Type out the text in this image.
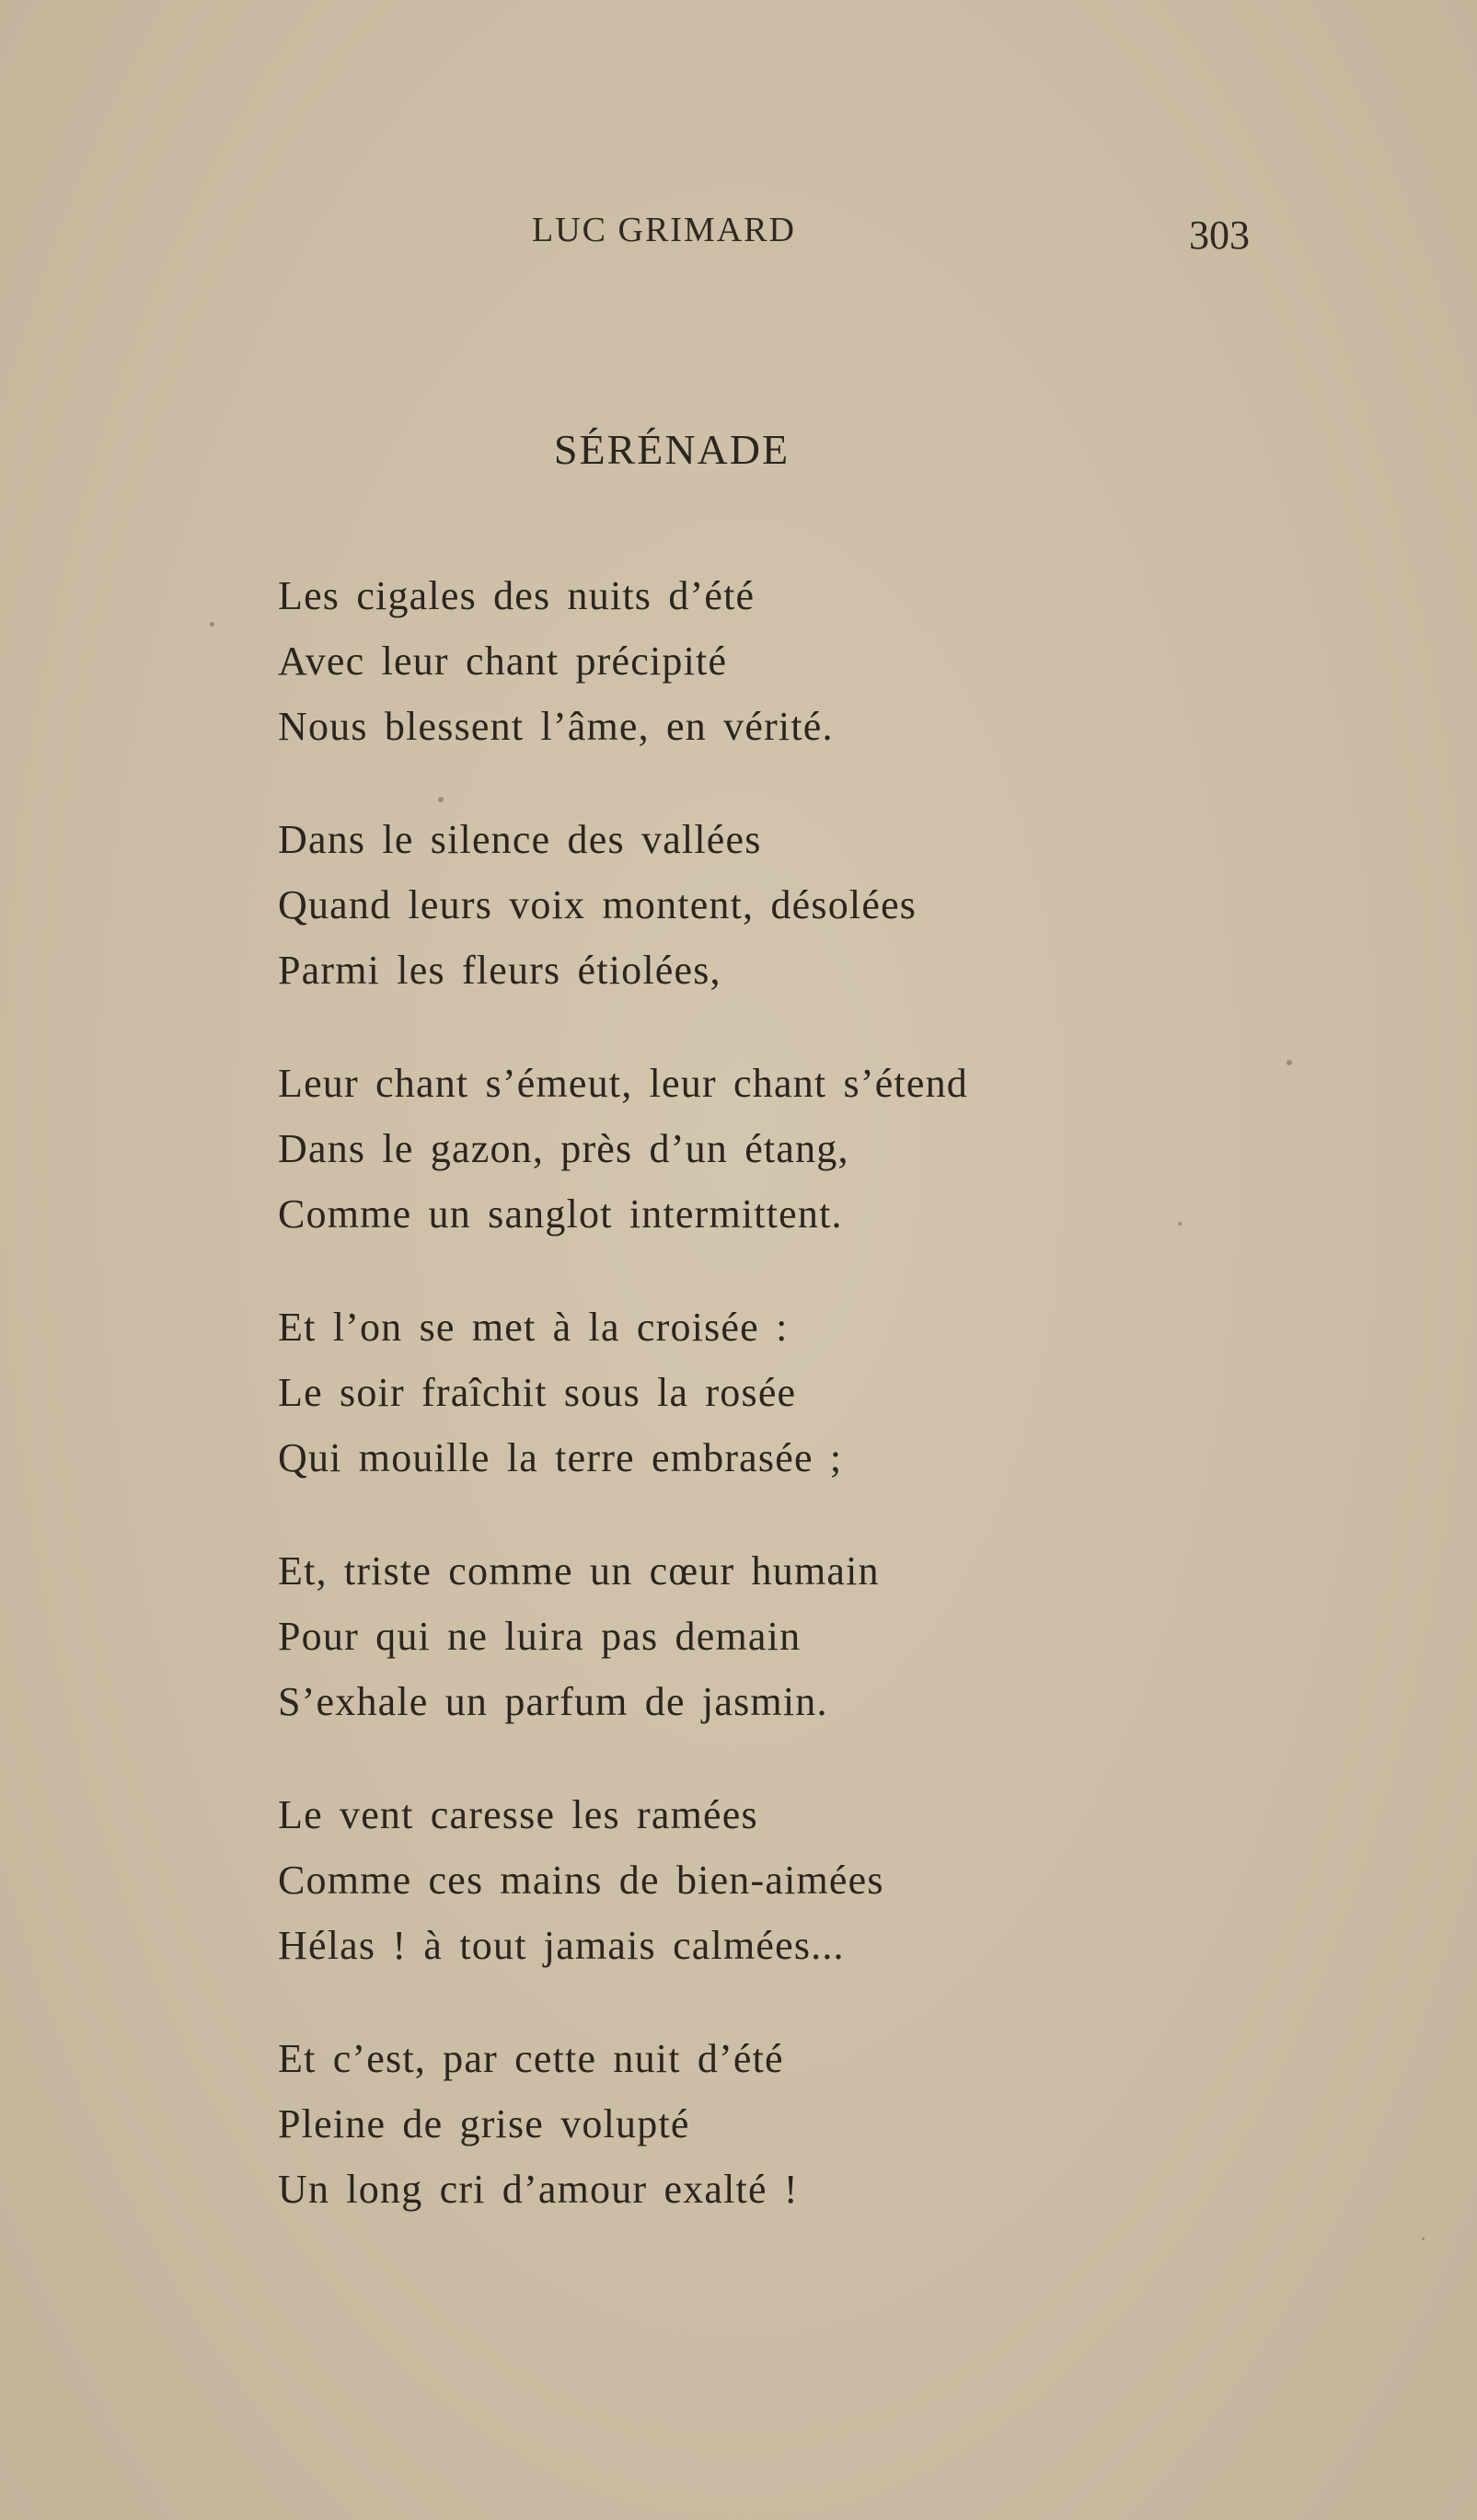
LUC GRIMARD	303
SÉRÉNADE
Les cigales des nuits d’été
Avec leur chant précipité
Nous blessent l’âme, en vérité.
Dans le silence des vallées
Quand leurs voix montent, désolées
Parmi les fleurs étiolées,
Leur chant s’émeut, leur chant s’étend
Dans le gazon, près d’un étang,
Comme un sanglot intermittent.
Et l’on se met à la croisée :
Le soir fraîchit sous la rosée
Qui mouille la terre embrasée ;
Et, triste comme un cœur humain
Pour qui ne luira pas demain
S’exhale un parfum de jasmin.
Le vent caresse les ramées
Comme ces mains de bien-aimées
Hélas ! à tout jamais calmées...
Et c’est, par cette nuit d’été
Pleine de grise volupté
Un long cri d’amour exalté !
